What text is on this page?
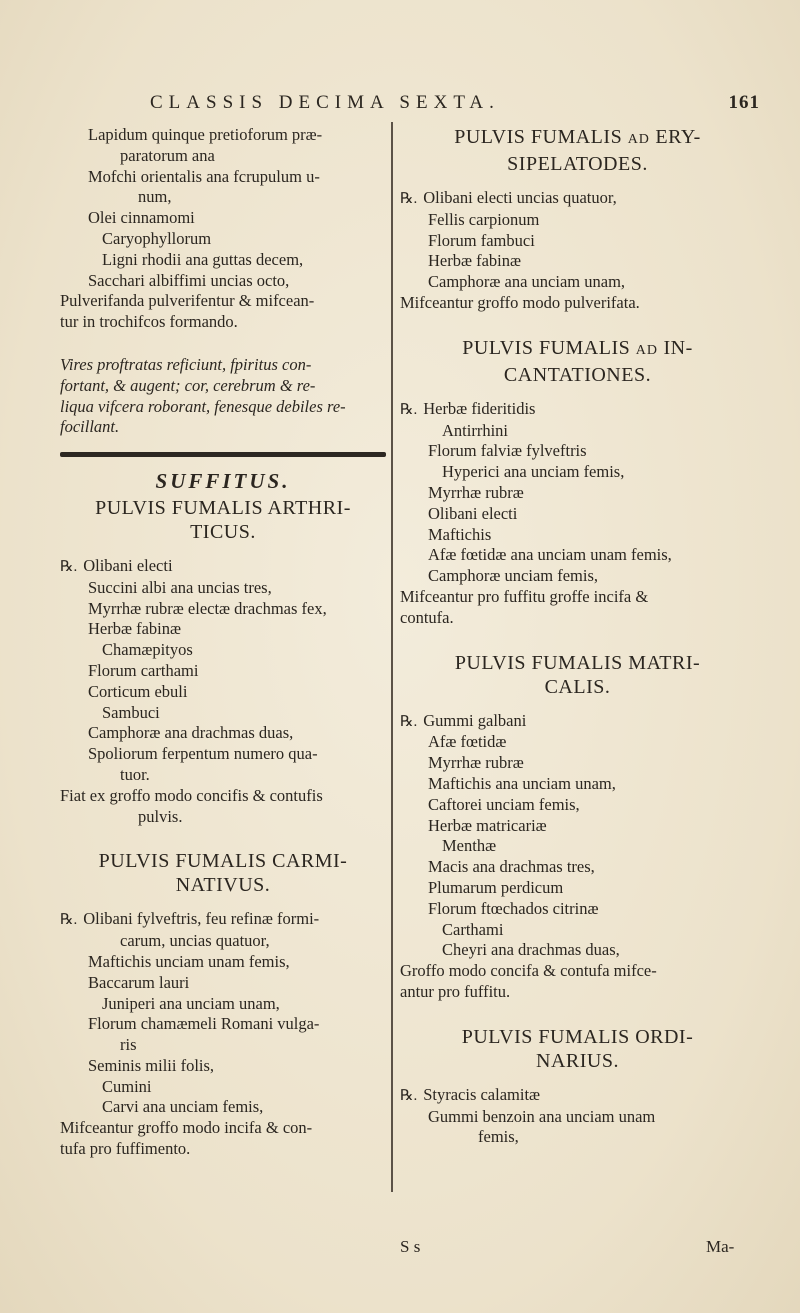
CLASSIS DECIMA SEXTA.	161
Lapidum quinque pretioforum præ-
paratorum ana
Mofchi orientalis ana fcrupulum u-
num,
Olei cinnamomi
Caryophyllorum
Ligni rhodii ana guttas decem,
Sacchari albiffimi uncias octo,
Pulverifanda pulverifentur & mifcean-
tur in trochifcos formando.
Vires proftratas reficiunt, fpiritus con-
fortant, & augent; cor, cerebrum & re-
liqua vifcera roborant, fenesque debiles re-
focillant.
SUFFITUS.
PULVIS FUMALIS ARTHRI-
TICUS.
℞. Olibani electi
Succini albi ana uncias tres,
Myrrhæ rubræ electæ drachmas fex,
Herbæ fabinæ
Chamæpityos
Florum carthami
Corticum ebuli
Sambuci
Camphoræ ana drachmas duas,
Spoliorum ferpentum numero qua-
tuor.
Fiat ex groffo modo concifis & contufis
pulvis.
PULVIS FUMALIS CARMI-
NATIVUS.
℞. Olibani fylveftris, feu refinæ formi-
carum, uncias quatuor,
Maftichis unciam unam femis,
Baccarum lauri
Juniperi ana unciam unam,
Florum chamæmeli Romani vulga-
ris
Seminis milii folis,
Cumini
Carvi ana unciam femis,
Mifceantur groffo modo incifa & con-
tufa pro fuffimento.
PULVIS FUMALIS AD ERY-
SIPELATODES.
℞. Olibani electi uncias quatuor,
Fellis carpionum
Florum fambuci
Herbæ fabinæ
Camphoræ ana unciam unam,
Mifceantur groffo modo pulverifata.
PULVIS FUMALIS AD IN-
CANTATIONES.
℞. Herbæ fideritidis
Antirrhini
Florum falviæ fylveftris
Hyperici ana unciam femis,
Myrrhæ rubræ
Olibani electi
Maftichis
Afæ fœtidæ ana unciam unam femis,
Camphoræ unciam femis,
Mifceantur pro fuffitu groffe incifa &
contufa.
PULVIS FUMALIS MATRI-
CALIS.
℞. Gummi galbani
Afæ fœtidæ
Myrrhæ rubræ
Maftichis ana unciam unam,
Caftorei unciam femis,
Herbæ matricariæ
Menthæ
Macis ana drachmas tres,
Plumarum perdicum
Florum ftœchados citrinæ
Carthami
Cheyri ana drachmas duas,
Groffo modo concifa & contufa mifce-
antur pro fuffitu.
PULVIS FUMALIS ORDI-
NARIUS.
℞. Styracis calamitæ
Gummi benzoin ana unciam unam
femis,
S s	Ma-
